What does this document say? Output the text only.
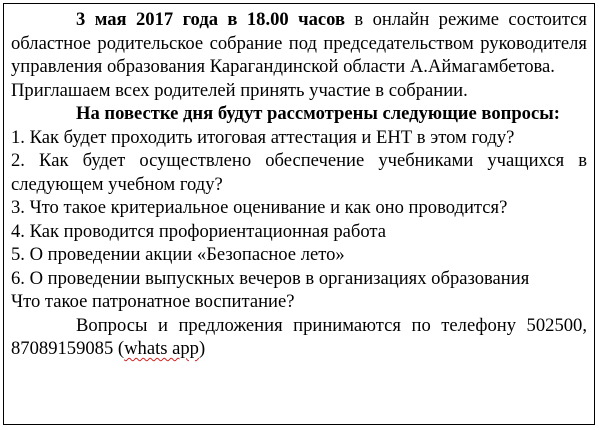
3 мая 2017 года в 18.00 часов в онлайн режиме состоится областное родительское собрание под председательством руководителя управления образования Карагандинской области А.Аймагамбетова.

Приглашаем всех родителей принять участие в собрании.

На повестке дня будут рассмотрены следующие вопросы:

1. Как будет проходить итоговая аттестация и ЕНТ в этом году?

2. Как будет осуществлено обеспечение учебниками учащихся в следующем учебном году?

3. Что такое критериальное оценивание и как оно проводится?

4. Как проводится профориентационная работа

5. О проведении акции «Безопасное лето»

6. О проведении выпускных вечеров в организациях образования

Что такое патронатное воспитание?

Вопросы и предложения принимаются по телефону 502500, 87089159085 (whats app)
